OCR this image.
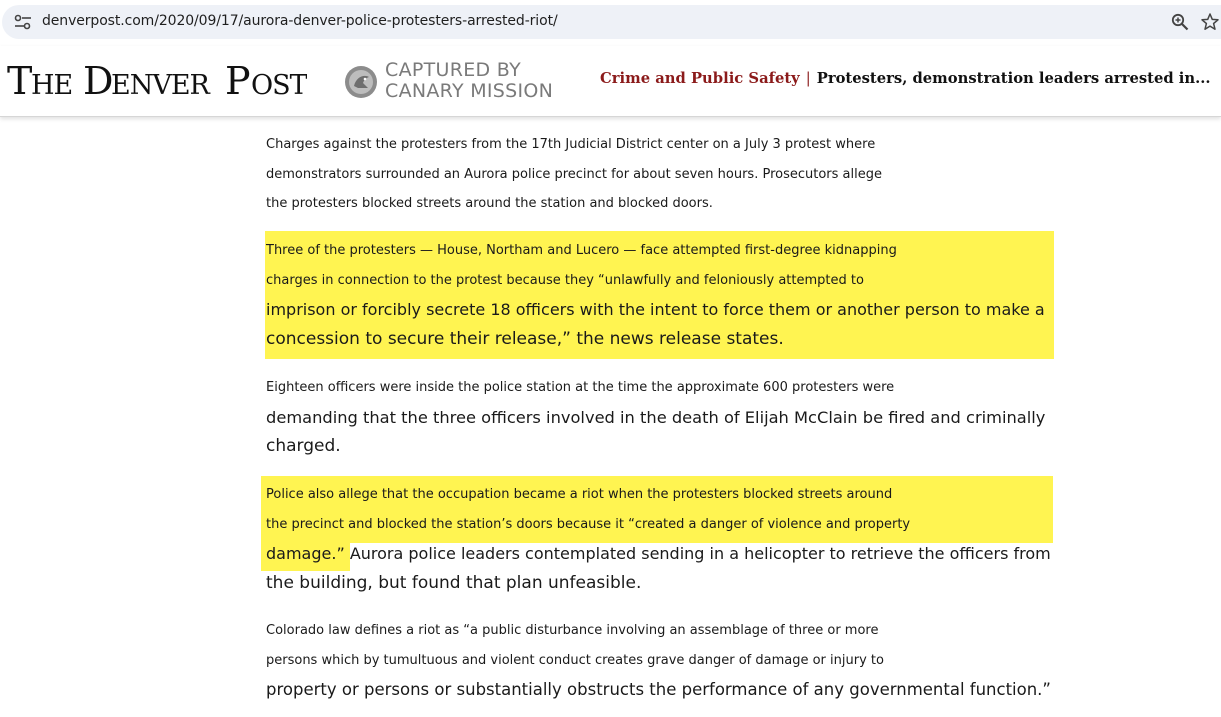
denverpost.com/2020/09/17/aurora-denver-police-protesters-arrested-riot/
T HE D ENVER P OST	CAPTURED BY
CANARY MISSION
Crime and Public Safety | Protesters, demonstration leaders arrested in...
Charges against the protesters from the 17th Judicial District center on a July 3 protest where
demonstrators surrounded an Aurora police precinct for about seven hours. Prosecutors allege
the protesters blocked streets around the station and blocked doors.
Three of the protesters — House, Northam and Lucero — face attempted first-degree kidnapping
charges in connection to the protest because they “unlawfully and feloniously attempted to
imprison or forcibly secrete 18 officers with the intent to force them or another person to make a
concession to secure their release,” the news release states.
Eighteen officers were inside the police station at the time the approximate 600 protesters were
demanding that the three officers involved in the death of Elijah McClain be fired and criminally
charged.
Police also allege that the occupation became a riot when the protesters blocked streets around
the precinct and blocked the station’s doors because it “created a danger of violence and property
damage.” Aurora police leaders contemplated sending in a helicopter to retrieve the officers from
the building, but found that plan unfeasible.
Colorado law defines a riot as “a public disturbance involving an assemblage of three or more
persons which by tumultuous and violent conduct creates grave danger of damage or injury to
property or persons or substantially obstructs the performance of any governmental function.”
